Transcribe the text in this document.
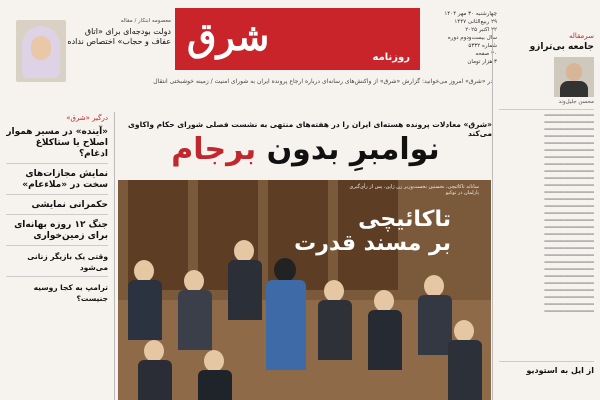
معصومه ابتکار / مقاله
دولت بودجه‌ای برای «اتاق عفاف و حجاب» اختصاص نداده شرق	روزنامه
چهارشنبه ۳۰ مهر ۱۴۰۴
۲۹ ربیع‌الثانی ۱۴۴۷
۲۲ اکتبر ۲۰۲۵
سال بیست‌ودوم دوره
شماره ۵۳۳۲
۲۰ صفحه
۳ هزار تومان
در «شرق» امروز می‌خوانید: گزارش «شرق» از واکنش‌های رسانه‌ای درباره ارجاع پرونده ایران به شورای امنیت / زمینه خوشبختی انتقال
سرمقاله
جامعه بی‌ترازو
محسن جلیل‌وند
━━━━━━━━━━━━━━━
━━━━━━━━━━━━━━━
━━━━━━━━━━━━━━━
━━━━━━━━━━━━━━━
━━━━━━━━━━━━━━━
━━━━━━━━━━━━━━━
━━━━━━━━━━━━━━━
━━━━━━━━━━━━━━━
━━━━━━━━━━━━━━━
━━━━━━━━━━━━━━━
━━━━━━━━━━━━━━━
━━━━━━━━━━━━━━━
━━━━━━━━━━━━━━━
━━━━━━━━━━━━━━━
━━━━━━━━━━━━━━━
━━━━━━━━━━━━━━━
━━━━━━━━━━━━━━━
━━━━━━━━━━━━━━━
━━━━━━━━━━━━━━━
━━━━━━━━━━━━━━━
━━━━━━━━━━━━━━━
━━━━━━━━━━━━━━━
━━━━━━━━━━━━━━━
━━━━━━━━━━━━━━━
━━━━━━━━━━━━━━━
━━━━━━━━━━━━━━━
━━━━━━━━━━━━━━━
━━━━━━━━━━━━━━━
━━━━━━━━━━━━━━━
از ایل به استودیو
درگیر «شرق»
«آینده» در مسیر هموار اصلاح یا ستاکلاغ ادغام؟
نمایش مجازات‌های سخت در «ملاءعام»
حکمرانی نمایشی
جنگ ۱۲ روزه بهانه‌ای برای زمین‌خواری
وقتی یک بازیگر زنانی می‌شود
ترامپ به کجا روسیه جنیست؟
«شرق» معادلات پرونده هسته‌ای ایران را در هفته‌های منتهی به نشست فصلی شورای حکام واکاوی می‌کند
نوامبرِ بدون برجام
ساناته تاکائیچی، نخستین نخست‌وزیر زن ژاپن، پس از رأی‌گیری پارلمان در توکیو
تاکائیچی
بر مسند قدرت
